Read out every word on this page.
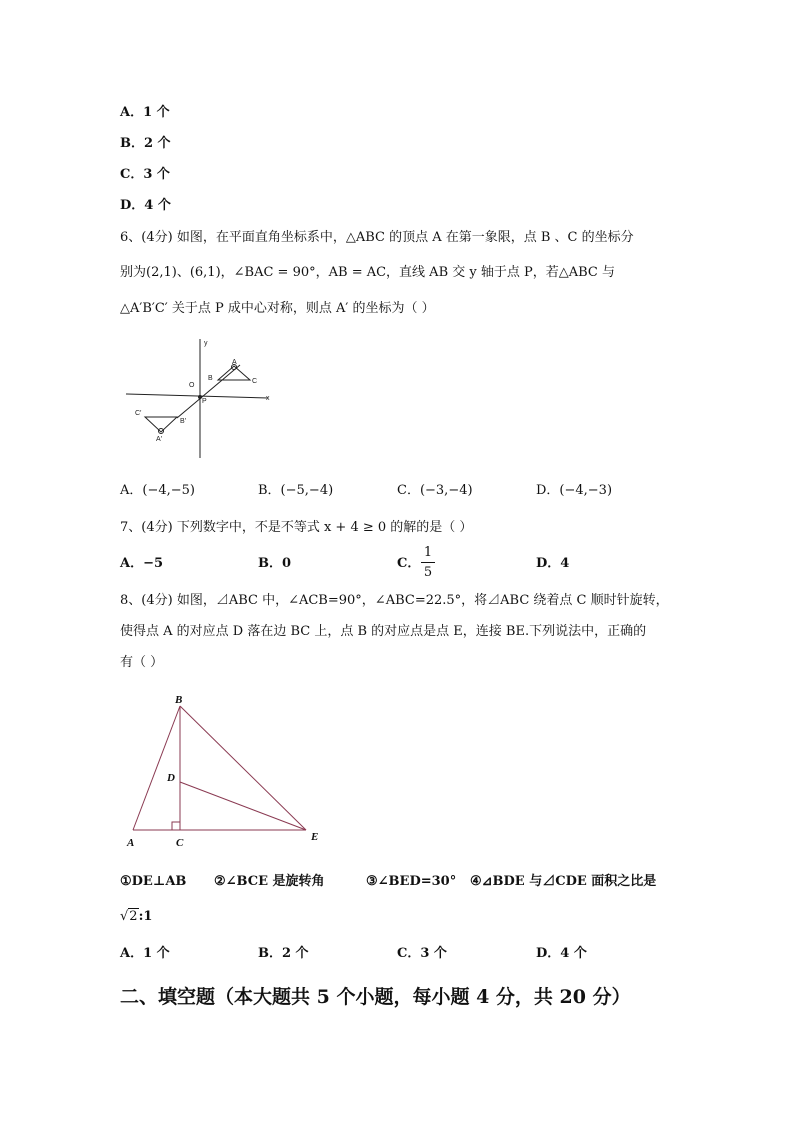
A．1 个
B．2 个
C．3 个
D．4 个
6、(4分) 如图，在平面直角坐标系中，△ABC 的顶点 A 在第一象限，点 B 、C 的坐标分
别为(2,1)、(6,1)，∠BAC = 90°，AB = AC，直线 AB 交 y 轴于点 P，若△ABC 与
△A′B′C′ 关于点 P 成中心对称，则点 A′ 的坐标为（ ）
y
x
O
A
B	C
P
C′
B′
A′
A．(−4,−5)	B．(−5,−4)	C．(−3,−4)	D．(−4,−3)
7、(4分) 下列数字中，不是不等式 x + 4 ≥ 0 的解的是（ ）
A．−5	B．0	C．
1
5
D．4
8、(4分) 如图，⊿ABC 中，∠ACB=90°，∠ABC=22.5°，将⊿ABC 绕着点 C 顺时针旋转，
使得点 A 的对应点 D 落在边 BC 上，点 B 的对应点是点 E，连接 BE.下列说法中，正确的
有（ ）
B
D
A	C	E
①DE⊥AB ②∠BCE 是旋转角	③∠BED=30° ④⊿BDE 与⊿CDE 面积之比是
√2:1
A．1 个	B．2 个	C．3 个	D．4 个
二、填空题（本大题共 5 个小题，每小题 4 分，共 20 分）
